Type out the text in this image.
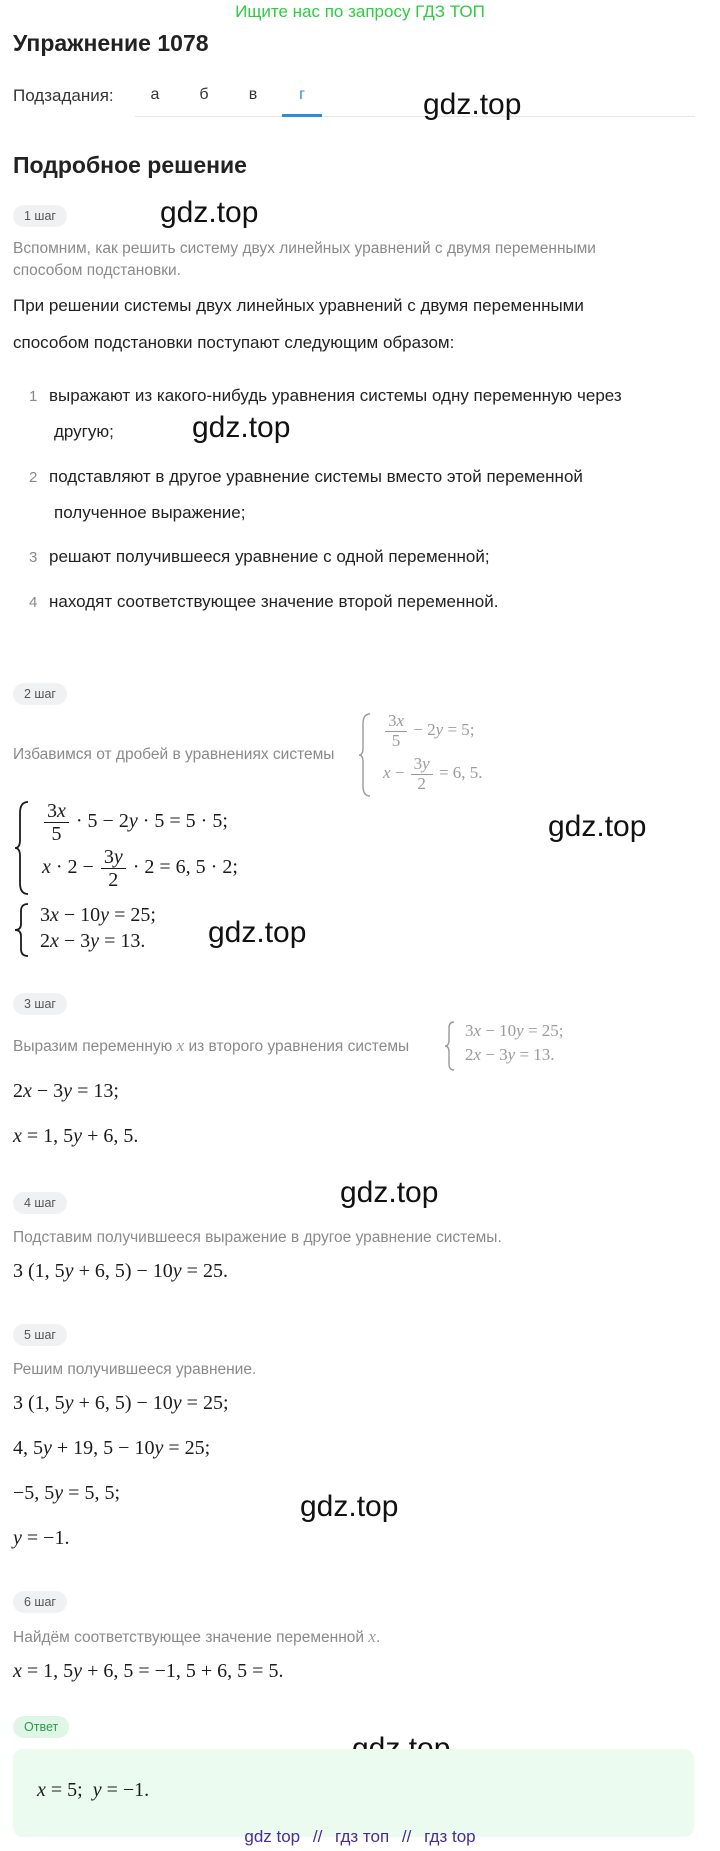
Ищите нас по запросу ГДЗ ТОП
Упражнение 1078
Подзадания:	а	б	в	г	gdz.top
gdz.top
gdz.top
gdz.top
gdz.top
gdz.top
gdz.top
Подробное решение
1 шаг
Вспомним, как решить систему двух линейных уравнений с двумя переменными способом подстановки.
При решении системы двух линейных уравнений с двумя переменными
способом подстановки поступают следующим образом:
1 выражают из какого-нибудь уравнения системы одну переменную через
другую;
2 подставляют в другое уравнение системы вместо этой переменной
полученное выражение;
3 решают получившееся уравнение с одной переменной;
4 находят соответствующее значение второй переменной.
2 шаг
Избавимся от дробей в уравнениях системы
$\frac{3x}{5} - 2y = 5$;
$x - \frac{3y}{2} = 6$, 5.
$\frac{3x}{5} \cdot 5 - 2y \cdot 5 = 5 \cdot 5$;
$x \cdot 2 - \frac{3y}{2} \cdot 2 = 6$, 5 · 2;
3x − 10y = 25;
2x − 3y = 13.
3 шаг
Выразим переменную x из второго уравнения системы
3x − 10y = 25;
2x − 3y = 13.
2x − 3y = 13;
x = 1, 5y + 6, 5.
4 шаг
Подставим получившееся выражение в другое уравнение системы.
3 (1, 5y + 6, 5) − 10y = 25.
5 шаг
Решим получившееся уравнение.
3 (1, 5y + 6, 5) − 10y = 25;
4, 5y + 19, 5 − 10y = 25;
−5, 5y = 5, 5;
y = −1.
6 шаг
Найдём соответствующее значение переменной x.
x = 1, 5y + 6, 5 = −1, 5 + 6, 5 = 5.
Ответ
x = 5;  y = −1.
gdz top // гдз топ // гдз top
